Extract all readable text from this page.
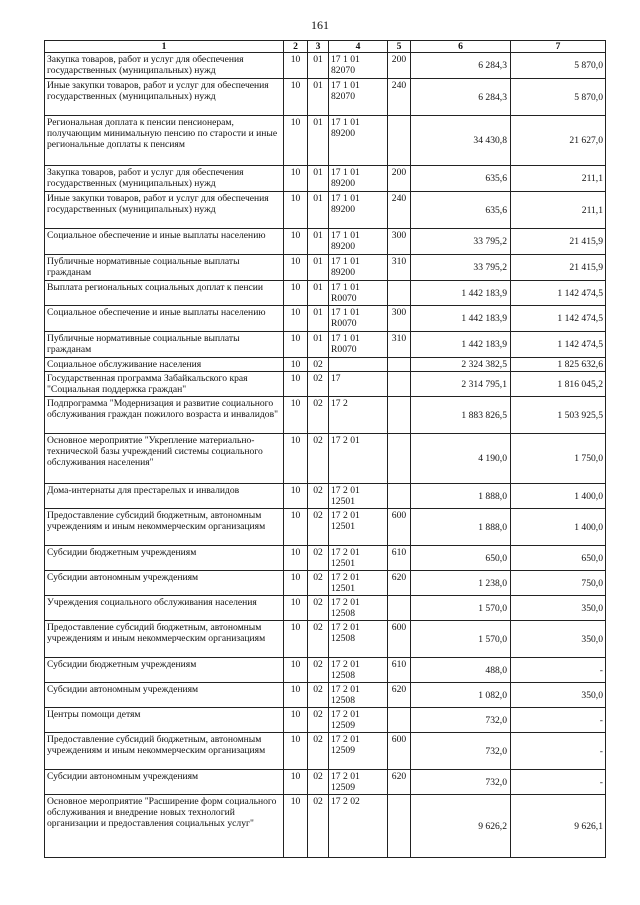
161
1	2	3	4	5	6	7
Закупка товаров, работ и услуг для обеспечения государственных (муниципальных) нужд	10	01	17 1 01 82070	200	6 284,3	5 870,0
Иные закупки товаров, работ и услуг для обеспечения государственных (муниципальных) нужд	10	01	17 1 01 82070	240	6 284,3	5 870,0
Региональная доплата к пенсии пенсионерам, получающим минимальную пенсию по старости и иные региональные доплаты к пенсиям	10	01	17 1 01 89200		34 430,8	21 627,0
Закупка товаров, работ и услуг для обеспечения государственных (муниципальных) нужд	10	01	17 1 01 89200	200	635,6	211,1
Иные закупки товаров, работ и услуг для обеспечения государственных (муниципальных) нужд	10	01	17 1 01 89200	240	635,6	211,1
Социальное обеспечение и иные выплаты населению	10	01	17 1 01 89200	300	33 795,2	21 415,9
Публичные нормативные социальные выплаты гражданам	10	01	17 1 01 89200	310	33 795,2	21 415,9
Выплата региональных социальных доплат к пенсии	10	01	17 1 01 R0070		1 442 183,9	1 142 474,5
Социальное обеспечение и иные выплаты населению	10	01	17 1 01 R0070	300	1 442 183,9	1 142 474,5
Публичные нормативные социальные выплаты гражданам	10	01	17 1 01 R0070	310	1 442 183,9	1 142 474,5
Социальное обслуживание населения	10	02			2 324 382,5	1 825 632,6
Государственная программа Забайкальского края "Социальная поддержка граждан"	10	02	17		2 314 795,1	1 816 045,2
Подпрограмма "Модернизация и развитие социального обслуживания граждан пожилого возраста и инвалидов"	10	02	17 2		1 883 826,5	1 503 925,5
Основное мероприятие "Укрепление материально-технической базы учреждений системы социального обслуживания населения"	10	02	17 2 01		4 190,0	1 750,0
Дома-интернаты для престарелых и инвалидов	10	02	17 2 01 12501		1 888,0	1 400,0
Предоставление субсидий бюджетным, автономным учреждениям и иным некоммерческим организациям	10	02	17 2 01 12501	600	1 888,0	1 400,0
Субсидии бюджетным учреждениям	10	02	17 2 01 12501	610	650,0	650,0
Субсидии автономным учреждениям	10	02	17 2 01 12501	620	1 238,0	750,0
Учреждения социального обслуживания населения	10	02	17 2 01 12508		1 570,0	350,0
Предоставление субсидий бюджетным, автономным учреждениям и иным некоммерческим организациям	10	02	17 2 01 12508	600	1 570,0	350,0
Субсидии бюджетным учреждениям	10	02	17 2 01 12508	610	488,0	-
Субсидии автономным учреждениям	10	02	17 2 01 12508	620	1 082,0	350,0
Центры помощи детям	10	02	17 2 01 12509		732,0	-
Предоставление субсидий бюджетным, автономным учреждениям и иным некоммерческим организациям	10	02	17 2 01 12509	600	732,0	-
Субсидии автономным учреждениям	10	02	17 2 01 12509	620	732,0	-
Основное мероприятие "Расширение форм социального обслуживания и внедрение новых технологий организации и предоставления социальных услуг"	10	02	17 2 02		9 626,2	9 626,1
